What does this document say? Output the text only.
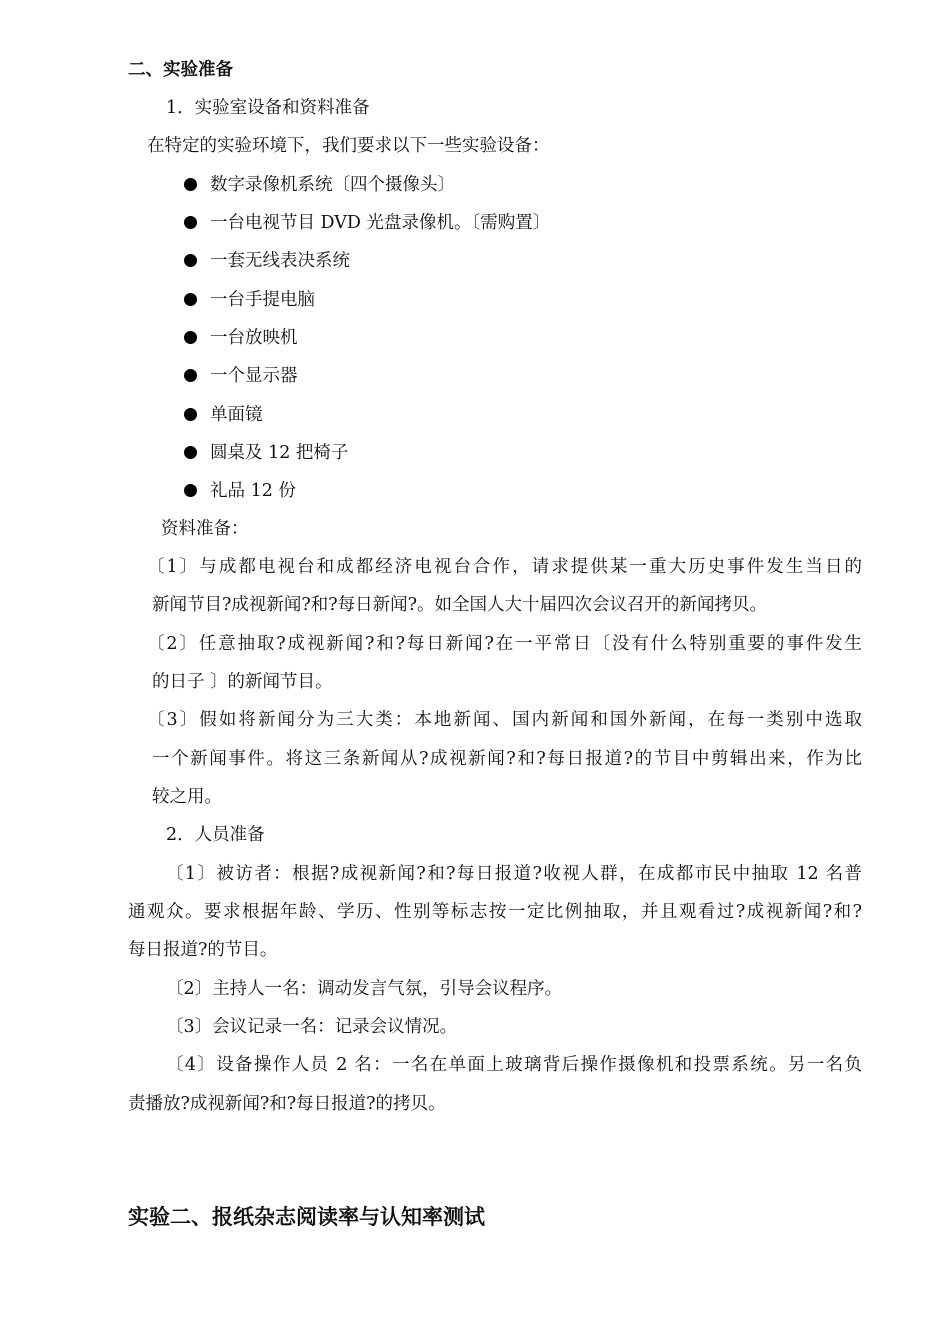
二、实验准备
1．实验室设备和资料准备
在特定的实验环境下，我们要求以下一些实验设备：
数字录像机系统〔四个摄像头〕
一台电视节目 DVD 光盘录像机。〔需购置〕
一套无线表决系统
一台手提电脑
一台放映机
一个显示器
单面镜
圆桌及 12 把椅子
礼品 12 份
资料准备：
〔1〕与成都电视台和成都经济电视台合作，请求提供某一重大历史事件发生当日的
新闻节目?成视新闻?和?每日新闻?。如全国人大十届四次会议召开的新闻拷贝。
〔2〕任意抽取?成视新闻?和?每日新闻?在一平常日〔没有什么特别重要的事件发生
的日子 〕的新闻节目。
〔3〕假如将新闻分为三大类：本地新闻、国内新闻和国外新闻，在每一类别中选取
一个新闻事件。将这三条新闻从?成视新闻?和?每日报道?的节目中剪辑出来，作为比
较之用。
2．人员准备
〔1〕被访者：根据?成视新闻?和?每日报道?收视人群，在成都市民中抽取 12 名普
通观众。要求根据年龄、学历、性别等标志按一定比例抽取，并且观看过?成视新闻?和?
每日报道?的节目。
〔2〕主持人一名：调动发言气氛，引导会议程序。
〔3〕会议记录一名：记录会议情况。
〔4〕设备操作人员 2 名：一名在单面上玻璃背后操作摄像机和投票系统。另一名负
责播放?成视新闻?和?每日报道?的拷贝。
实验二、报纸杂志阅读率与认知率测试
